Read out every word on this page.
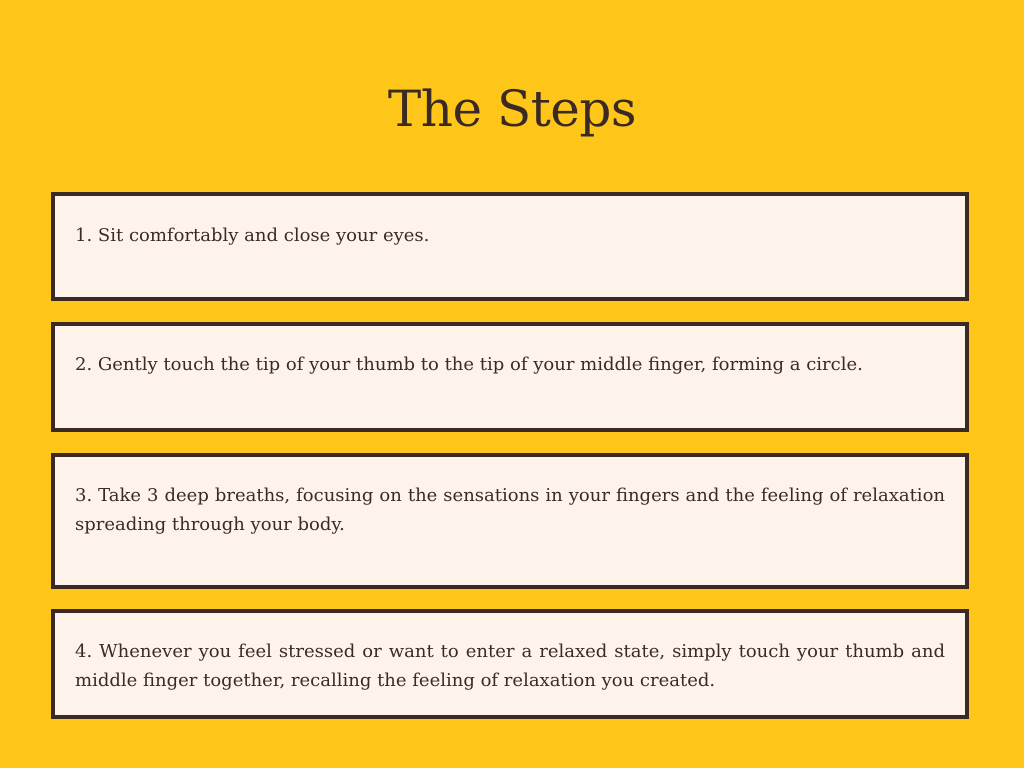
The Steps
1. Sit comfortably and close your eyes.
2. Gently touch the tip of your thumb to the tip of your middle finger, forming a circle.
3. Take 3 deep breaths, focusing on the sensations in your fingers and the feeling of relaxation spreading through your body.
4. Whenever you feel stressed or want to enter a relaxed state, simply touch your thumb and middle finger together, recalling the feeling of relaxation you created.
